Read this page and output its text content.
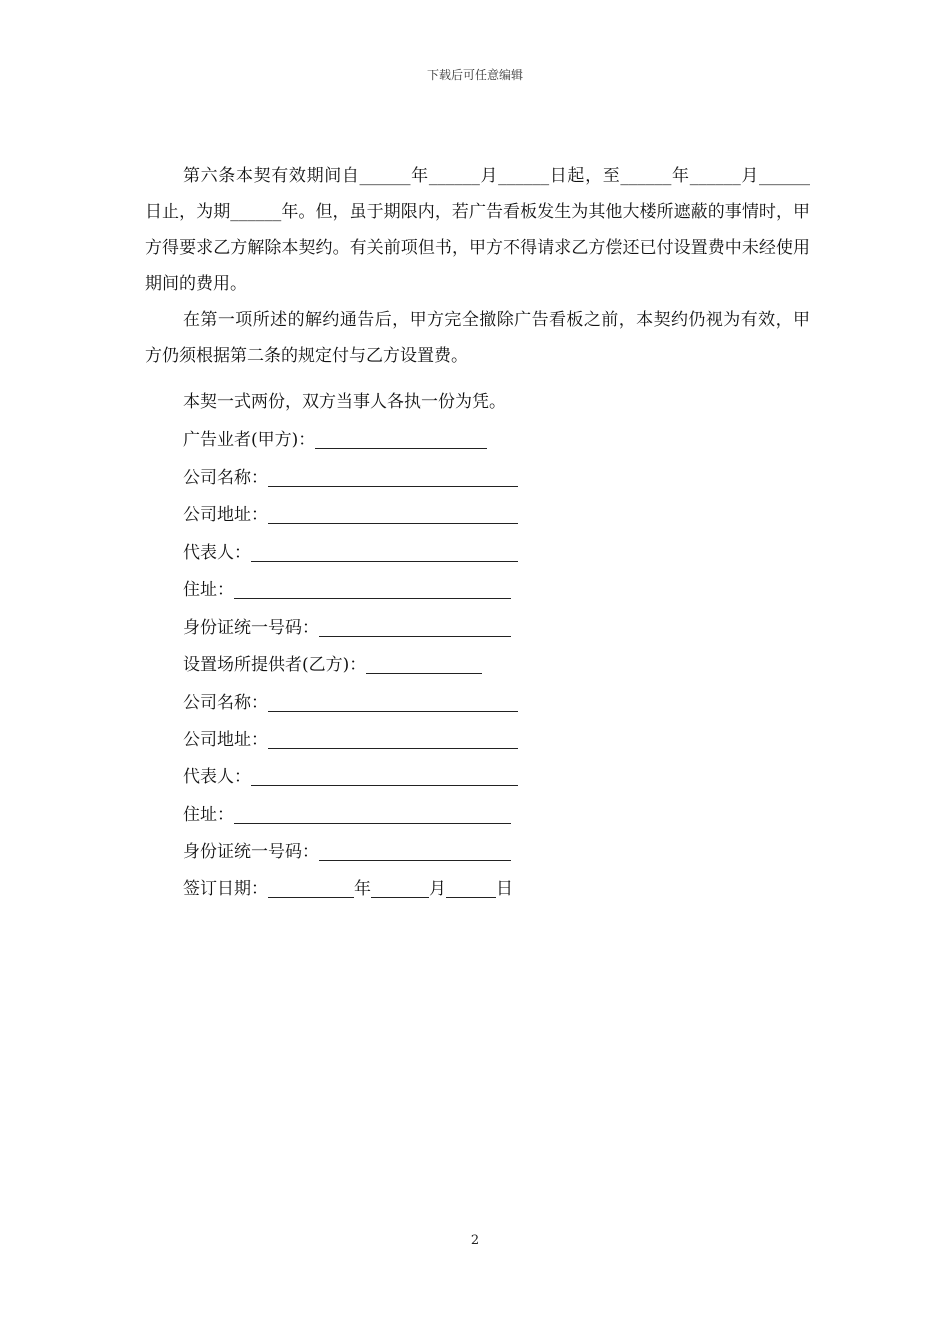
下载后可任意编辑

第六条本契有效期间自______年______月______日起，至______年______月______日止，为期______年。但，虽于期限内，若广告看板发生为其他大楼所遮蔽的事情时，甲方得要求乙方解除本契约。有关前项但书，甲方不得请求乙方偿还已付设置费中未经使用期间的费用。

在第一项所述的解约通告后，甲方完全撤除广告看板之前，本契约仍视为有效，甲方仍须根据第二条的规定付与乙方设置费。

本契一式两份，双方当事人各执一份为凭。
广告业者(甲方)：
公司名称：
公司地址：
代表人：
住址：
身份证统一号码：
设置场所提供者(乙方)：
公司名称：
公司地址：
代表人：
住址：
身份证统一号码：
签订日期：	年	月	日
2
